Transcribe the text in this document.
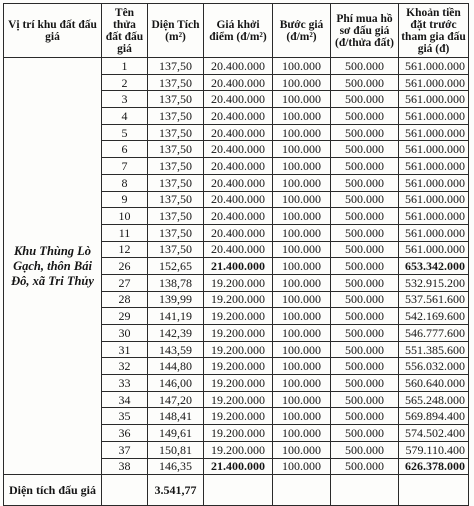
Vị trí khu đất đấu giá	Tên thửa đất đấu giá	Diện Tích (m²)	Giá khởi điểm (đ/m²)	Bước giá (đ/m²)	Phí mua hồ sơ đấu giá (đ/thửa đất)	Khoản tiền đặt trước tham gia đấu giá (đ)
Khu Thùng Lò Gạch, thôn Bái Đô, xã Tri Thủy	1	137,50	20.400.000	100.000	500.000	561.000.000
	2	137,50	20.400.000	100.000	500.000	561.000.000
	3	137,50	20.400.000	100.000	500.000	561.000.000
	4	137,50	20.400.000	100.000	500.000	561.000.000
	5	137,50	20.400.000	100.000	500.000	561.000.000
	6	137,50	20.400.000	100.000	500.000	561.000.000
	7	137,50	20.400.000	100.000	500.000	561.000.000
	8	137,50	20.400.000	100.000	500.000	561.000.000
	9	137,50	20.400.000	100.000	500.000	561.000.000
	10	137,50	20.400.000	100.000	500.000	561.000.000
	11	137,50	20.400.000	100.000	500.000	561.000.000
	12	137,50	20.400.000	100.000	500.000	561.000.000
	26	152,65	21.400.000	100.000	500.000	653.342.000
	27	138,78	19.200.000	100.000	500.000	532.915.200
	28	139,99	19.200.000	100.000	500.000	537.561.600
	29	141,19	19.200.000	100.000	500.000	542.169.600
	30	142,39	19.200.000	100.000	500.000	546.777.600
	31	143,59	19.200.000	100.000	500.000	551.385.600
	32	144,80	19.200.000	100.000	500.000	556.032.000
	33	146,00	19.200.000	100.000	500.000	560.640.000
	34	147,20	19.200.000	100.000	500.000	565.248.000
	35	148,41	19.200.000	100.000	500.000	569.894.400
	36	149,61	19.200.000	100.000	500.000	574.502.400
	37	150,81	19.200.000	100.000	500.000	579.110.400
	38	146,35	21.400.000	100.000	500.000	626.378.000
Diện tích đấu giá		3.541,77				
